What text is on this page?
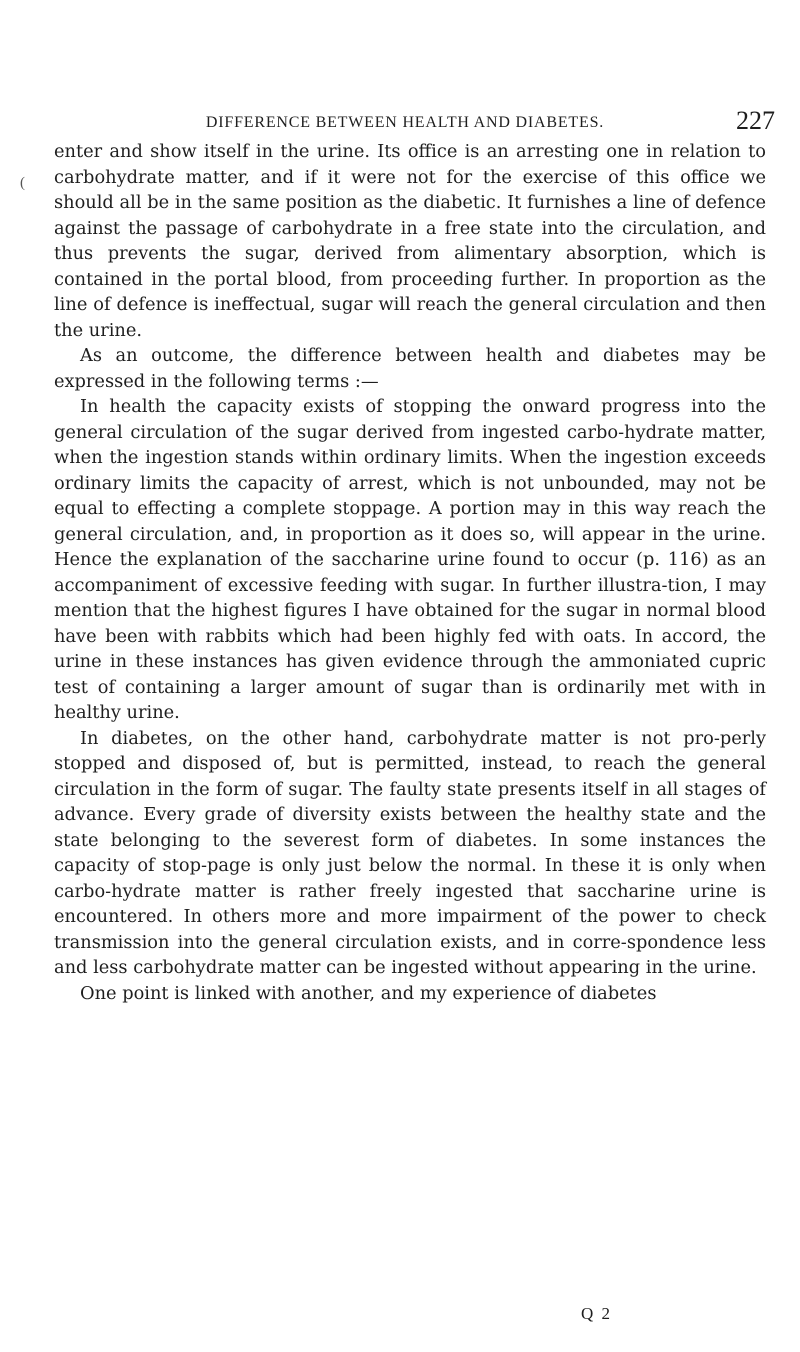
DIFFERENCE BETWEEN HEALTH AND DIABETES.	227
(

enter and show itself in the urine. Its office is an arresting one in relation to carbohydrate matter, and if it were not for the exercise of this office we should all be in the same position as the diabetic. It furnishes a line of defence against the passage of carbohydrate in a free state into the circulation, and thus prevents the sugar, derived from alimentary absorption, which is contained in the portal blood, from proceeding further. In proportion as the line of defence is ineffectual, sugar will reach the general circulation and then the urine.

As an outcome, the difference between health and diabetes may be expressed in the following terms :—

In health the capacity exists of stopping the onward progress into the general circulation of the sugar derived from ingested carbo-hydrate matter, when the ingestion stands within ordinary limits. When the ingestion exceeds ordinary limits the capacity of arrest, which is not unbounded, may not be equal to effecting a complete stoppage. A portion may in this way reach the general circulation, and, in proportion as it does so, will appear in the urine. Hence the explanation of the saccharine urine found to occur (p. 116) as an accompaniment of excessive feeding with sugar. In further illustra-tion, I may mention that the highest figures I have obtained for the sugar in normal blood have been with rabbits which had been highly fed with oats. In accord, the urine in these instances has given evidence through the ammoniated cupric test of containing a larger amount of sugar than is ordinarily met with in healthy urine.

In diabetes, on the other hand, carbohydrate matter is not pro-perly stopped and disposed of, but is permitted, instead, to reach the general circulation in the form of sugar. The faulty state presents itself in all stages of advance. Every grade of diversity exists between the healthy state and the state belonging to the severest form of diabetes. In some instances the capacity of stop-page is only just below the normal. In these it is only when carbo-hydrate matter is rather freely ingested that saccharine urine is encountered. In others more and more impairment of the power to check transmission into the general circulation exists, and in corre-spondence less and less carbohydrate matter can be ingested without appearing in the urine.

One point is linked with another, and my experience of diabetes

Q 2
